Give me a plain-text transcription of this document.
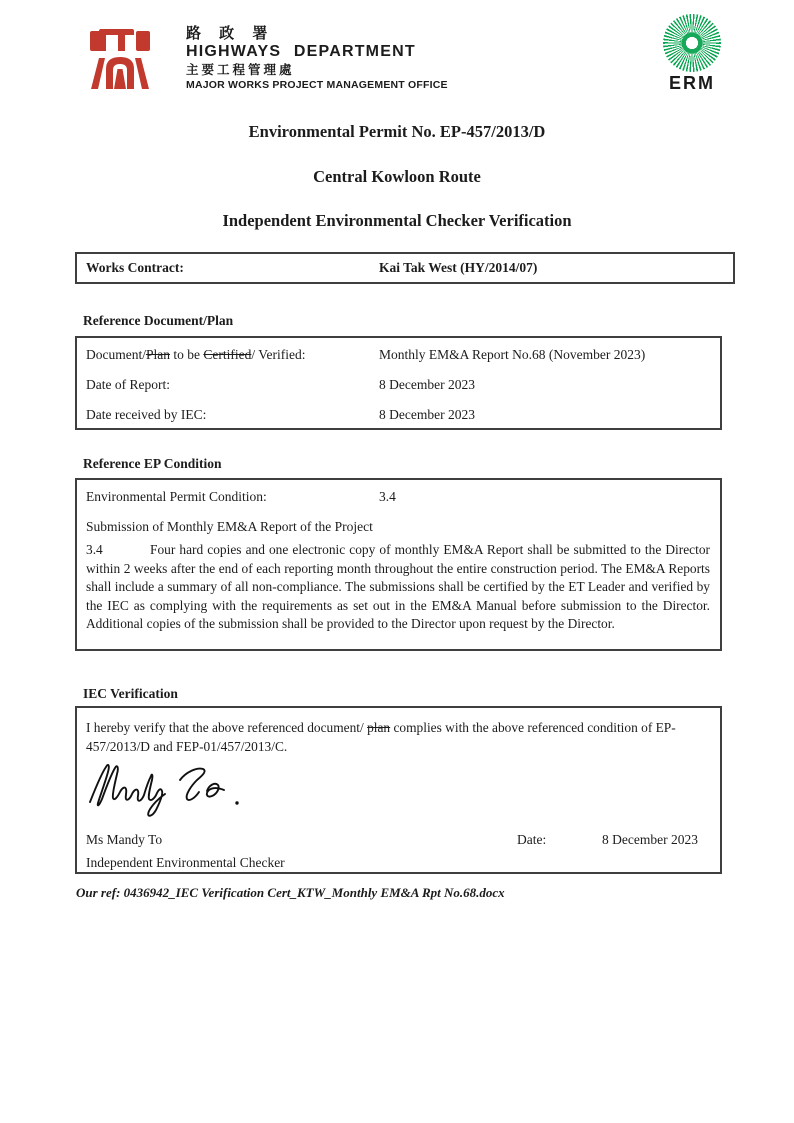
路 政 署
HIGHWAYS DEPARTMENT
主要工程管理處
MAJOR WORKS PROJECT MANAGEMENT OFFICE	ERM
Environmental Permit No. EP-457/2013/D
Central Kowloon Route
Independent Environmental Checker Verification
Works Contract:	Kai Tak West (HY/2014/07)
Reference Document/Plan
Document/Plan to be Certified/ Verified:	Monthly EM&A Report No.68 (November 2023)
Date of Report:	8 December 2023
Date received by IEC:	8 December 2023
Reference EP Condition
Environmental Permit Condition:	3.4
Submission of Monthly EM&A Report of the Project
3.4	Four hard copies and one electronic copy of monthly EM&A Report shall be submitted to the Director within 2 weeks after the end of each reporting month throughout the entire construction period. The EM&A Reports shall include a summary of all non-compliance. The submissions shall be certified by the ET Leader and verified by the IEC as complying with the requirements as set out in the EM&A Manual before submission to the Director. Additional copies of the submission shall be provided to the Director upon request by the Director.
IEC Verification
I hereby verify that the above referenced document/ plan complies with the above referenced condition of EP-457/2013/D and FEP-01/457/2013/C.
Ms Mandy To	Date:	8 December 2023
Independent Environmental Checker
Our ref: 0436942_IEC Verification Cert_KTW_Monthly EM&A Rpt No.68.docx
